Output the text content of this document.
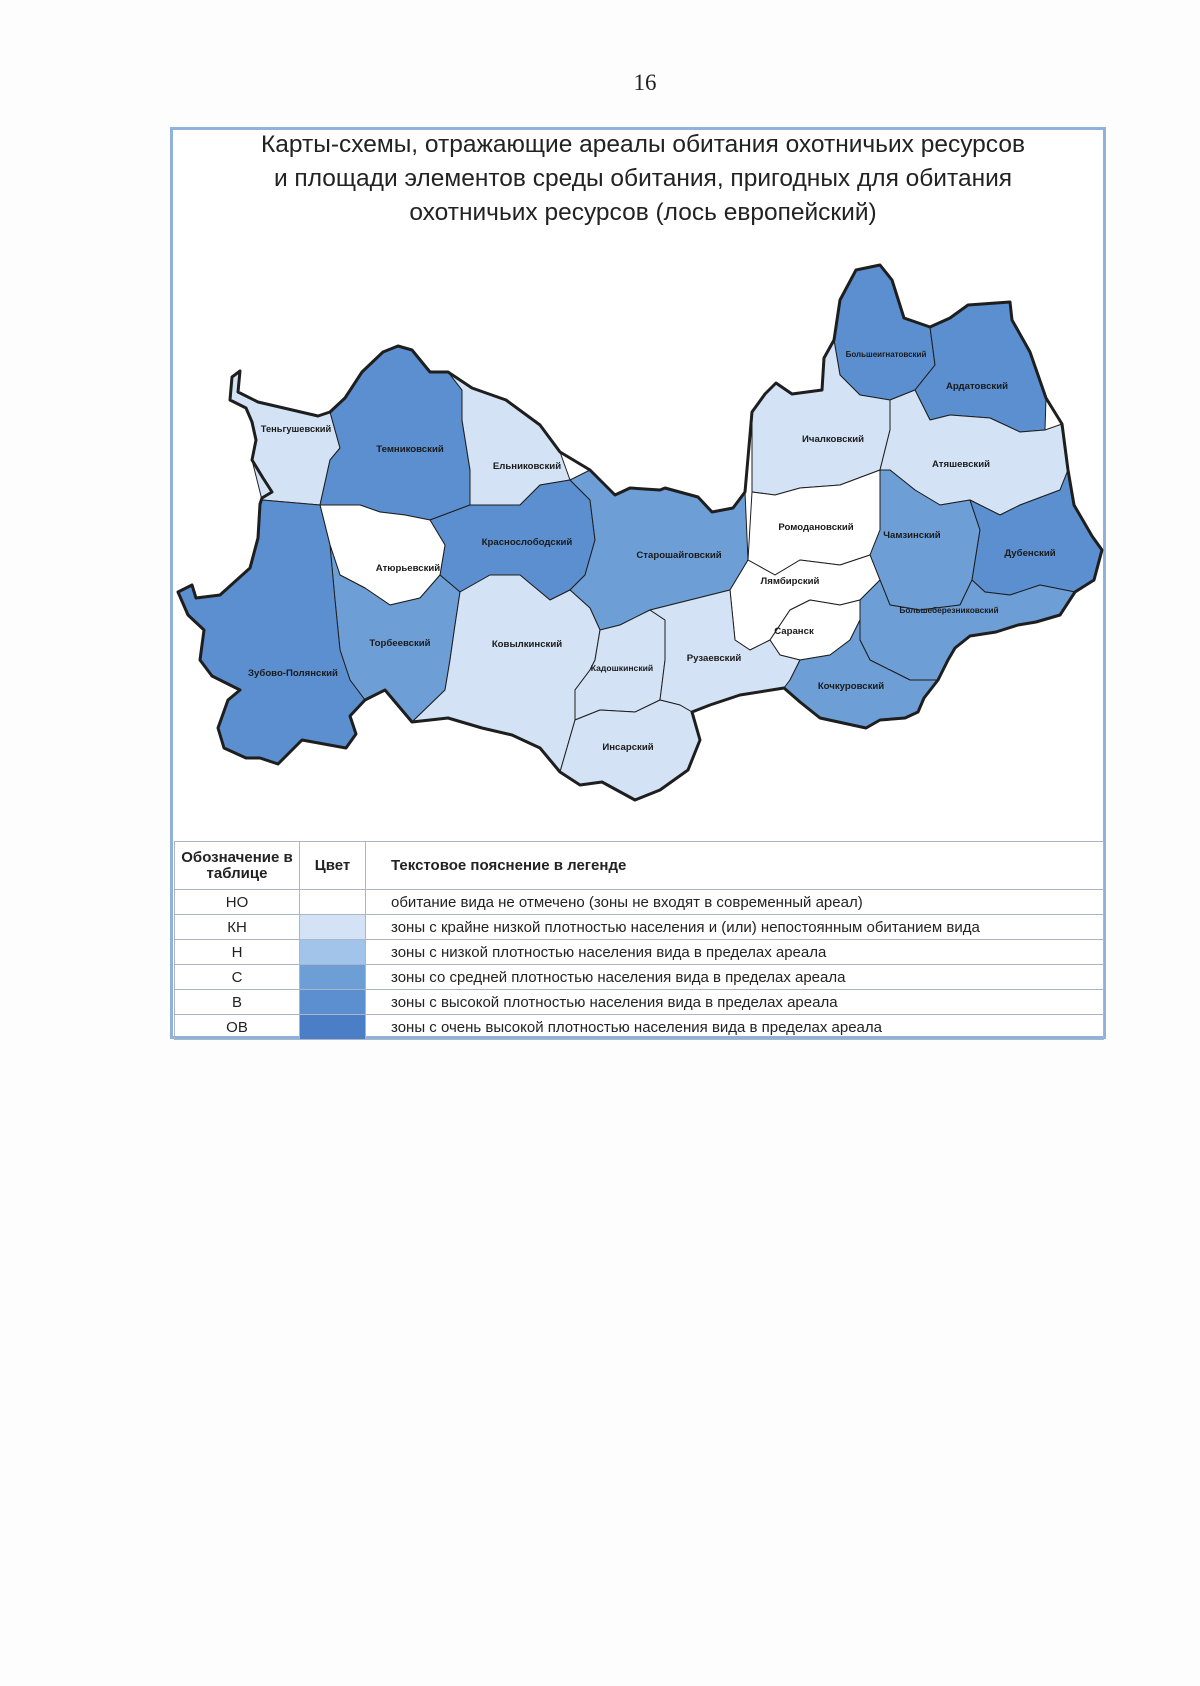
16
Карты-схемы, отражающие ареалы обитания охотничьих ресурсов
и площади элементов среды обитания, пригодных для обитания
охотничьих ресурсов (лось европейский)
Теньгушевский
Темниковский
Ельниковский
Большеигнатовский
Ардатовский
Ичалковский
Атяшевский
Краснослободский
Атюрьевский
Старошайговский
Ромодановский
Чамзинский
Дубенский
Лямбирский
Большеберезниковский
Саранск
Торбеевский	Ковылкинский
Зубово-Полянский	Кадошкинский
Рузаевский
Кочкуровский
Инсарский
Обозначение в таблице	Цвет	Текстовое пояснение в легенде
НО		обитание вида не отмечено (зоны не входят в современный ареал)
КН		зоны с крайне низкой плотностью населения и (или) непостоянным обитанием вида
Н		зоны с низкой плотностью населения вида в пределах ареала
С		зоны со средней плотностью населения вида в пределах ареала
В		зоны с высокой плотностью населения вида в пределах ареала
ОВ		зоны с очень высокой плотностью населения вида в пределах ареала
